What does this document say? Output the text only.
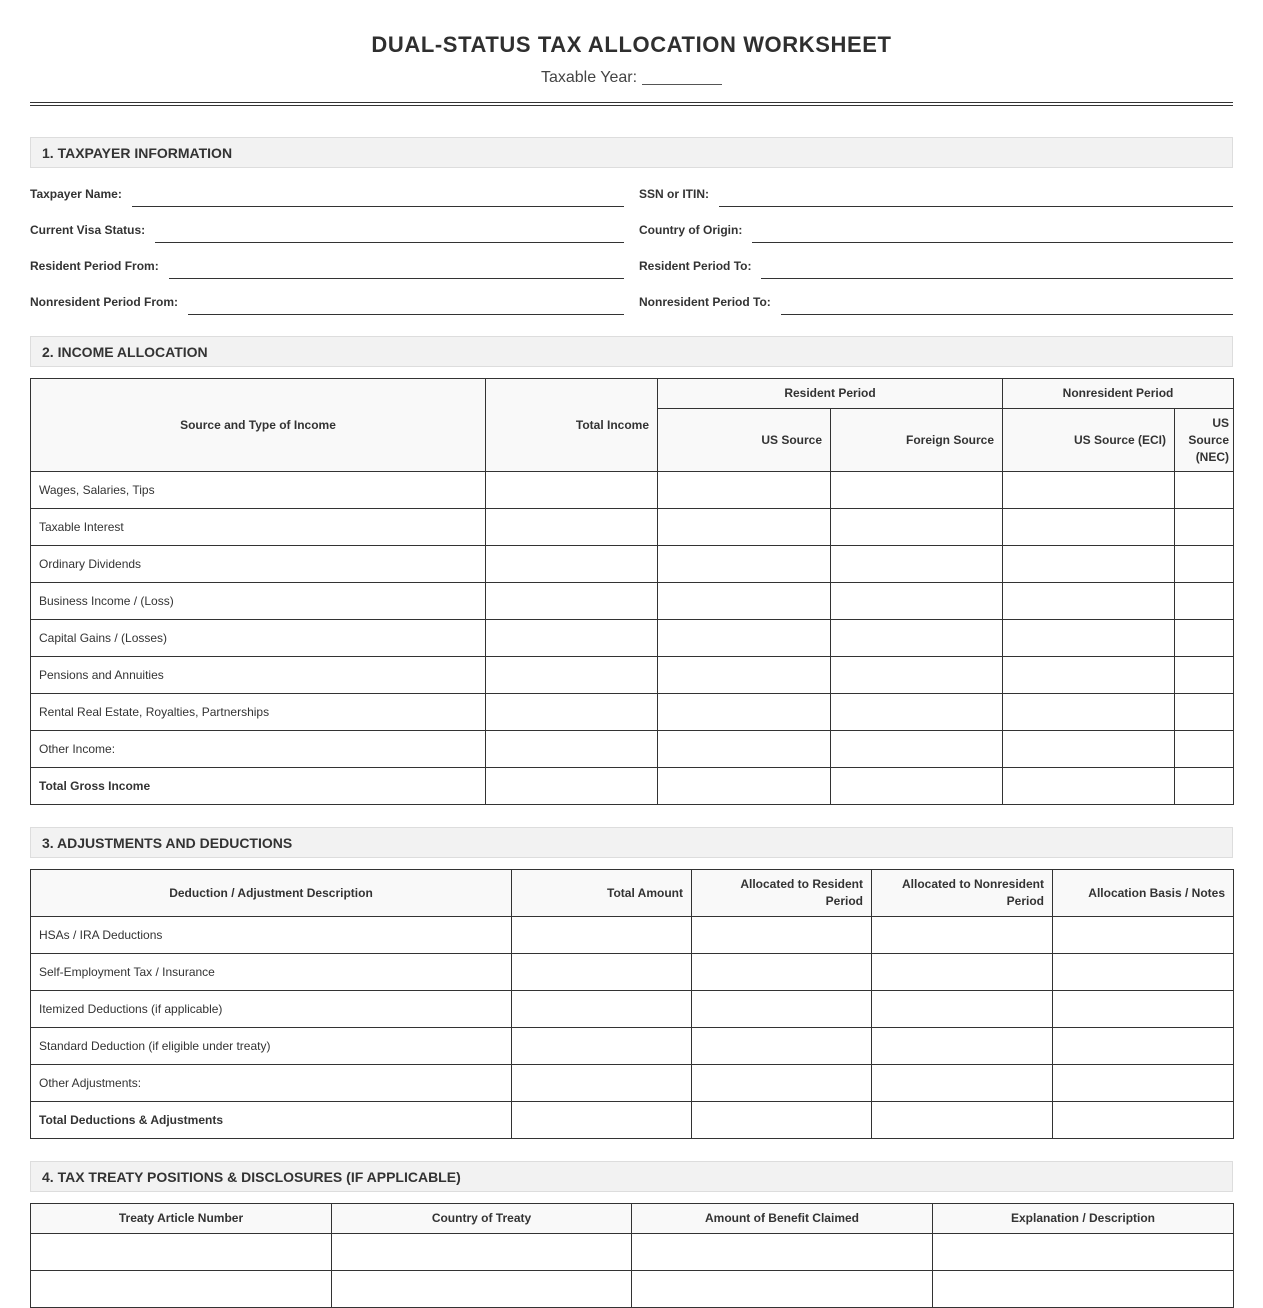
DUAL-STATUS TAX ALLOCATION WORKSHEET
Taxable Year:
1. TAXPAYER INFORMATION
Taxpayer Name:	SSN or ITIN:
Current Visa Status:	Country of Origin:
Resident Period From:	Resident Period To:
Nonresident Period From:	Nonresident Period To:
2. INCOME ALLOCATION
Source and Type of Income	Total Income	Resident Period		Nonresident Period	
		US Source	Foreign Source	US Source (ECI)	US Source (NEC)
Wages, Salaries, Tips					
Taxable Interest					
Ordinary Dividends					
Business Income / (Loss)					
Capital Gains / (Losses)					
Pensions and Annuities					
Rental Real Estate, Royalties, Partnerships					
Other Income:					
Total Gross Income					
3. ADJUSTMENTS AND DEDUCTIONS
Deduction / Adjustment Description	Total Amount	Allocated to Resident Period	Allocated to Nonresident Period	Allocation Basis / Notes
HSAs / IRA Deductions				
Self-Employment Tax / Insurance				
Itemized Deductions (if applicable)				
Standard Deduction (if eligible under treaty)				
Other Adjustments:				
Total Deductions & Adjustments				
4. TAX TREATY POSITIONS & DISCLOSURES (IF APPLICABLE)
Treaty Article Number	Country of Treaty	Amount of Benefit Claimed	Explanation / Description
